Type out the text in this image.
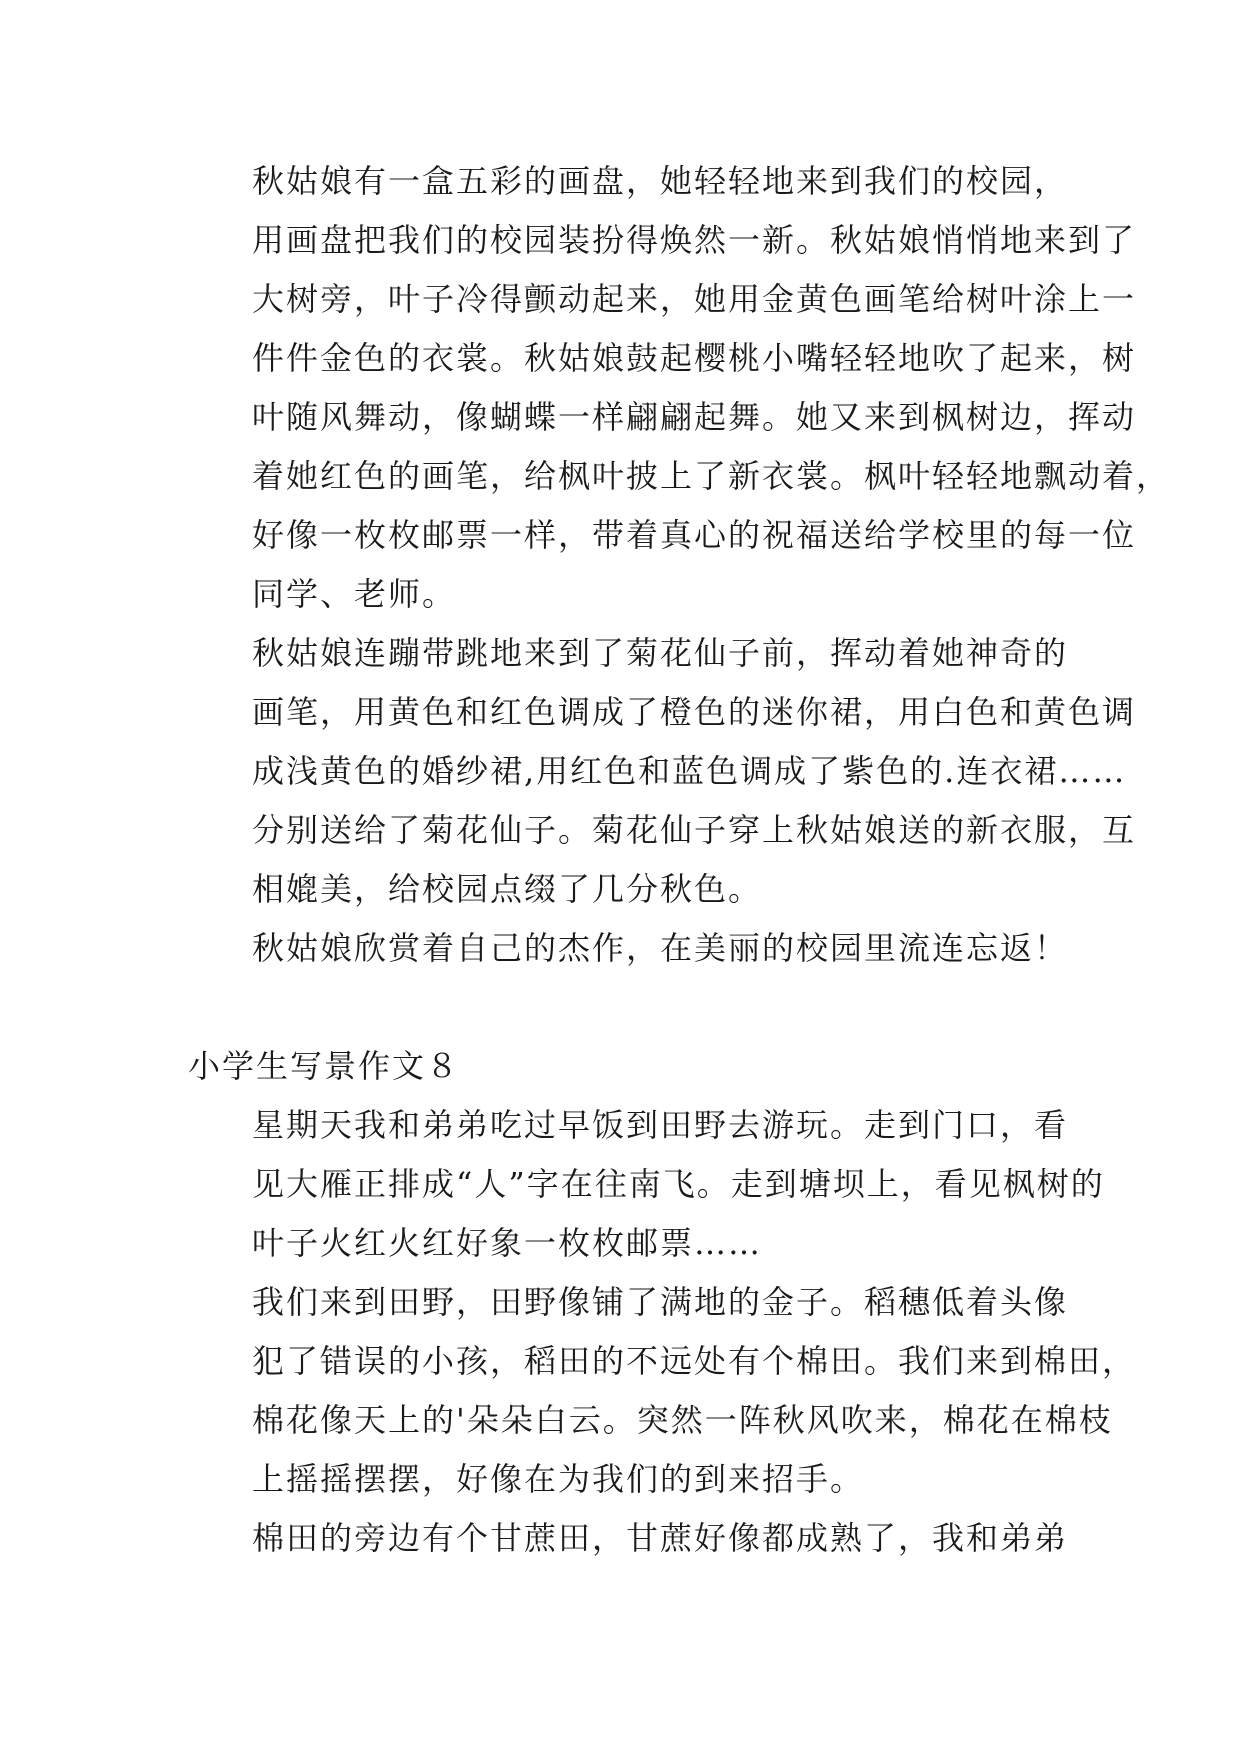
秋姑娘有一盒五彩的画盘，她轻轻地来到我们的校园，
用画盘把我们的校园装扮得焕然一新。秋姑娘悄悄地来到了
大树旁，叶子冷得颤动起来，她用金黄色画笔给树叶涂上一
件件金色的衣裳。秋姑娘鼓起樱桃小嘴轻轻地吹了起来，树
叶随风舞动，像蝴蝶一样翩翩起舞。她又来到枫树边，挥动
着她红色的画笔，给枫叶披上了新衣裳。枫叶轻轻地飘动着，
好像一枚枚邮票一样，带着真心的祝福送给学校里的每一位
同学、老师。

秋姑娘连蹦带跳地来到了菊花仙子前，挥动着她神奇的
画笔，用黄色和红色调成了橙色的迷你裙，用白色和黄色调
成浅黄色的婚纱裙,用红色和蓝色调成了紫色的.连衣裙……
分别送给了菊花仙子。菊花仙子穿上秋姑娘送的新衣服，互
相媲美，给校园点缀了几分秋色。

秋姑娘欣赏着自己的杰作，在美丽的校园里流连忘返！

小学生写景作文８

星期天我和弟弟吃过早饭到田野去游玩。走到门口，看
见大雁正排成“人”字在往南飞。走到塘坝上，看见枫树的
叶子火红火红好象一枚枚邮票……

我们来到田野，田野像铺了满地的金子。稻穗低着头像
犯了错误的小孩，稻田的不远处有个棉田。我们来到棉田，
棉花像天上的'朵朵白云。突然一阵秋风吹来，棉花在棉枝
上摇摇摆摆，好像在为我们的到来招手。

棉田的旁边有个甘蔗田，甘蔗好像都成熟了，我和弟弟
